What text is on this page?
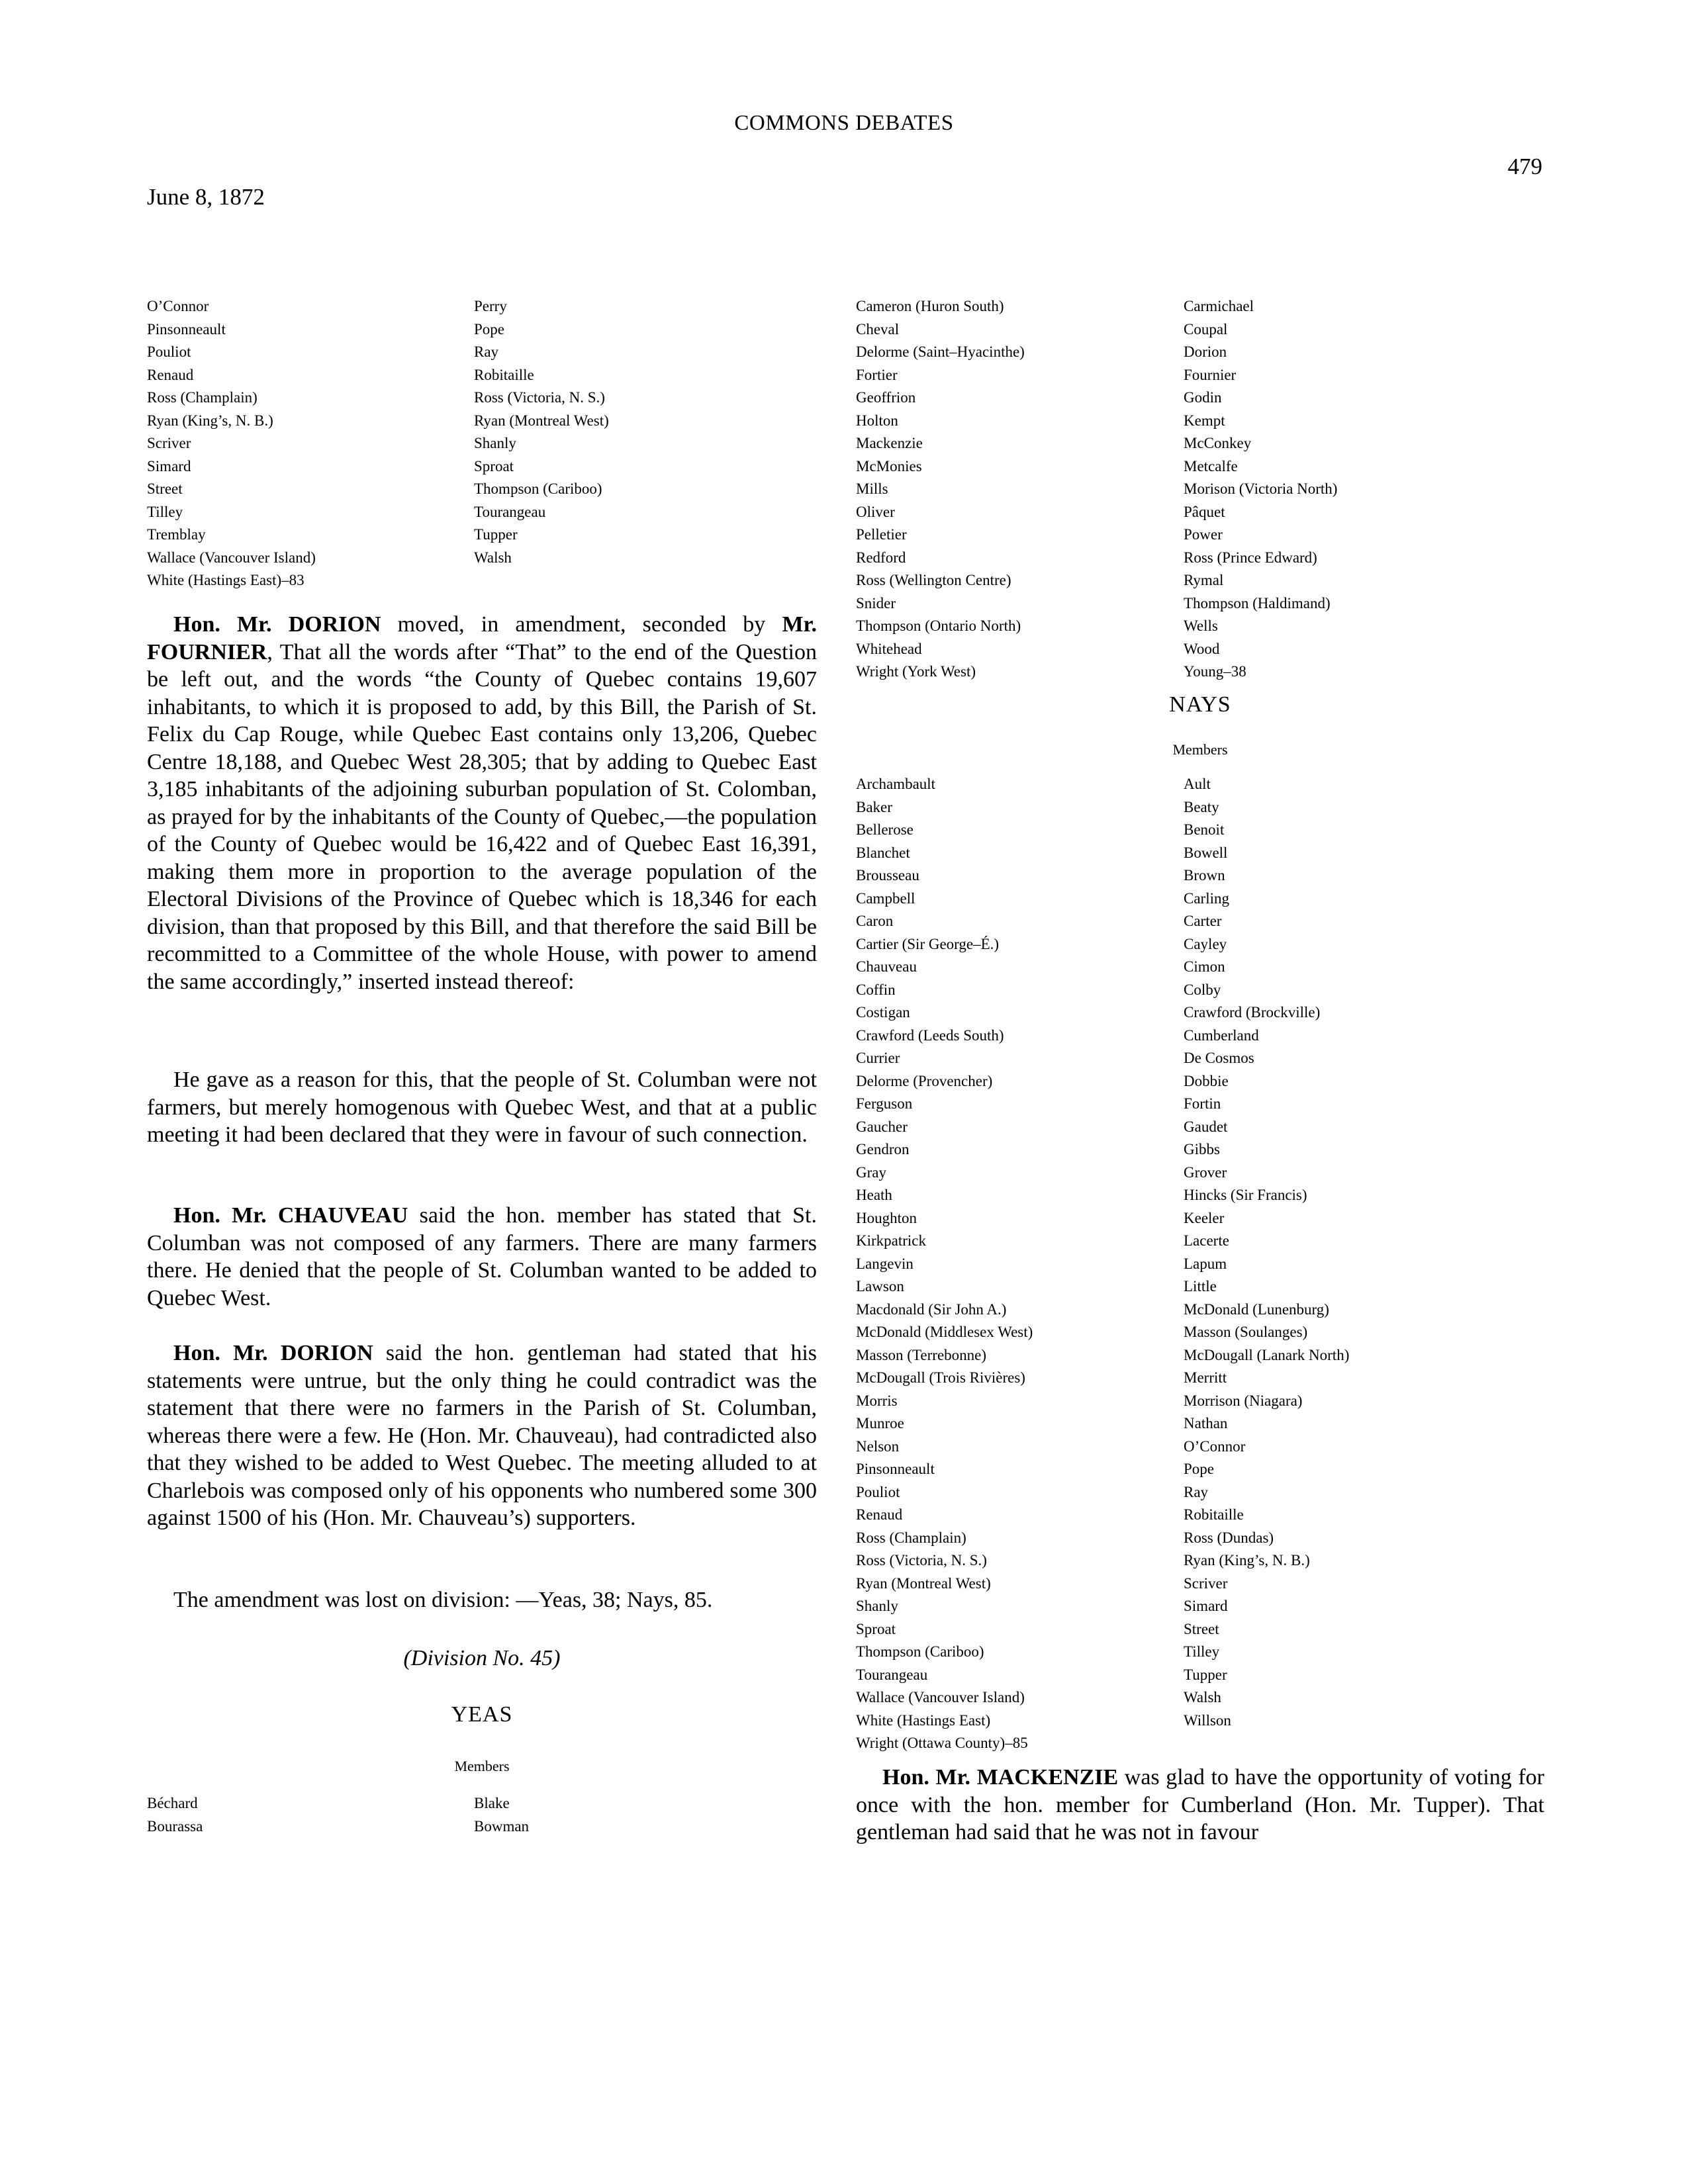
COMMONS DEBATES
479
June 8, 1872
O’Connor
Pinsonneault
Pouliot
Renaud
Ross (Champlain)
Ryan (King’s, N. B.)
Scriver
Simard
Street
Tilley
Tremblay
Wallace (Vancouver Island)
White (Hastings East)–83
Perry
Pope
Ray
Robitaille
Ross (Victoria, N. S.)
Ryan (Montreal West)
Shanly
Sproat
Thompson (Cariboo)
Tourangeau
Tupper
Walsh

Hon. Mr. DORION moved, in amendment, seconded by Mr. FOURNIER, That all the words after “That” to the end of the Question be left out, and the words “the County of Quebec contains 19,607 inhabitants, to which it is proposed to add, by this Bill, the Parish of St. Felix du Cap Rouge, while Quebec East contains only 13,206, Quebec Centre 18,188, and Quebec West 28,305; that by adding to Quebec East 3,185 inhabitants of the adjoining suburban population of St. Colomban, as prayed for by the inhabitants of the County of Quebec,—the population of the County of Quebec would be 16,422 and of Quebec East 16,391, making them more in proportion to the average population of the Electoral Divisions of the Province of Quebec which is 18,346 for each division, than that proposed by this Bill, and that therefore the said Bill be recommitted to a Committee of the whole House, with power to amend the same accordingly,” inserted instead thereof:

He gave as a reason for this, that the people of St. Columban were not farmers, but merely homogenous with Quebec West, and that at a public meeting it had been declared that they were in favour of such connection.

Hon. Mr. CHAUVEAU said the hon. member has stated that St. Columban was not composed of any farmers. There are many farmers there. He denied that the people of St. Columban wanted to be added to Quebec West.

Hon. Mr. DORION said the hon. gentleman had stated that his statements were untrue, but the only thing he could contradict was the statement that there were no farmers in the Parish of St. Columban, whereas there were a few. He (Hon. Mr. Chauveau), had contradicted also that they wished to be added to West Quebec. The meeting alluded to at Charlebois was composed only of his opponents who numbered some 300 against 1500 of his (Hon. Mr. Chauveau’s) supporters.

The amendment was lost on division: —Yeas, 38; Nays, 85.

(Division No. 45)
YEAS
Members
Béchard
Bourassa
Blake
Bowman
Cameron (Huron South)
Cheval
Delorme (Saint–Hyacinthe)
Fortier
Geoffrion
Holton
Mackenzie
McMonies
Mills
Oliver
Pelletier
Redford
Ross (Wellington Centre)
Snider
Thompson (Ontario North)
Whitehead
Wright (York West)
Carmichael
Coupal
Dorion
Fournier
Godin
Kempt
McConkey
Metcalfe
Morison (Victoria North)
Pâquet
Power
Ross (Prince Edward)
Rymal
Thompson (Haldimand)
Wells
Wood
Young–38
NAYS
Members
Archambault
Baker
Bellerose
Blanchet
Brousseau
Campbell
Caron
Cartier (Sir George–É.)
Chauveau
Coffin
Costigan
Crawford (Leeds South)
Currier
Delorme (Provencher)
Ferguson
Gaucher
Gendron
Gray
Heath
Houghton
Kirkpatrick
Langevin
Lawson
Macdonald (Sir John A.)
McDonald (Middlesex West)
Masson (Terrebonne)
McDougall (Trois Rivières)
Morris
Munroe
Nelson
Pinsonneault
Pouliot
Renaud
Ross (Champlain)
Ross (Victoria, N. S.)
Ryan (Montreal West)
Shanly
Sproat
Thompson (Cariboo)
Tourangeau
Wallace (Vancouver Island)
White (Hastings East)
Wright (Ottawa County)–85
Ault
Beaty
Benoit
Bowell
Brown
Carling
Carter
Cayley
Cimon
Colby
Crawford (Brockville)
Cumberland
De Cosmos
Dobbie
Fortin
Gaudet
Gibbs
Grover
Hincks (Sir Francis)
Keeler
Lacerte
Lapum
Little
McDonald (Lunenburg)
Masson (Soulanges)
McDougall (Lanark North)
Merritt
Morrison (Niagara)
Nathan
O’Connor
Pope
Ray
Robitaille
Ross (Dundas)
Ryan (King’s, N. B.)
Scriver
Simard
Street
Tilley
Tupper
Walsh
Willson

Hon. Mr. MACKENZIE was glad to have the opportunity of voting for once with the hon. member for Cumberland (Hon. Mr. Tupper). That gentleman had said that he was not in favour
